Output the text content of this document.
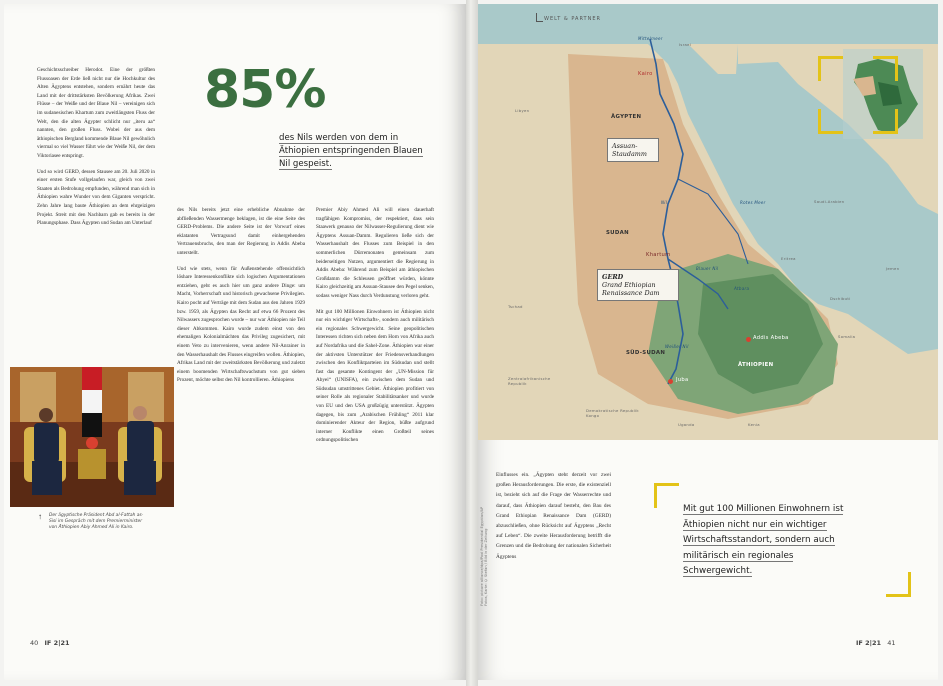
Geschichtsschreiber Herodot. Eine der größten Flussoasen der Erde ließ nicht nur die Hochkultur des Alten Ägyptens entstehen, sondern ernährt heute das Land mit der drittstärksten Bevölkerung Afrikas. Zwei Flüsse – der Weiße und der Blaue Nil – vereinigen sich im sudanesischen Khartum zum zweitlängsten Fluss der Welt, den die alten Ägypter schlicht nur „iteru aa“ nannten, den großen Fluss. Wobei der aus dem äthiopischen Bergland kommende Blaue Nil gewöhnlich viermal so viel Wasser führt wie der Weiße Nil, der dem Viktoriasee entspringt.

Und so wird GERD, dessen Stausee am 20. Juli 2020 in einer ersten Stufe vollgelaufen war, gleich von zwei Staaten als Bedrohung empfunden, während man sich in Äthiopien wahre Wunder von dem Giganten verspricht. Zehn Jahre lang baute Äthiopien an dem ehrgeizigen Projekt. Streit mit den Nachbarn gab es bereits in der Planungsphase. Dass Ägypten und Sudan am Unterlauf

85%
des Nils werden von dem in Äthiopien entspringenden Blauen Nil gespeist.

des Nils bereits jetzt eine erhebliche Abnahme der abfließenden Wassermenge beklagen, ist die eine Seite des GERD-Problems. Die andere Seite ist der Vorwurf eines eklatanten Vertragsund damit einhergehenden Vertrauensbruchs, den man der Regierung in Addis Abeba unterstellt.

Und wie stets, wenn für Außenstehende offensichtlich löshare Interessenkonflikte sich logischen Argumentationen entziehen, geht es auch hier um ganz andere Dinge: um Macht, Vorherrschaft und historisch gewachsene Privilegien. Kairo pocht auf Verträge mit dem Sudan aus den Jahren 1929 bzw. 1959, als Ägypten das Recht auf etwa 66 Prozent des Nilwassers zugesprochen wurde – nur war Äthiopien nie Teil dieser Abkommen. Kairo wurde zudem einst von den ehemaligen Kolonialmächten das Privileg zugesichert, mit einem Veto zu intervenieren, wenn andere Nil-Anrainer in den Wasserhaushalt des Flusses eingreifen wollen. Äthiopien, Afrikas Land mit der zweitstärksten Bevölkerung und zuletzt einem boomenden Wirtschaftswachstum von gut sieben Prozent, möchte selbst den Nil kontrollieren. Äthiopiens

Premier Abiy Ahmed Ali will einen dauerhaft tragfähigen Kompromiss, der respektiert, dass sein Staawerk genauso der Nilwasser-Regulierung dient wie Ägyptens Assuan-Damm. Regulieren ließe sich der Wasserhaushalt des Flusses zum Beispiel in den sommerlichen Dürremonaten gemeinsam zum beiderseitigen Nutzen, argumentiert die Regierung in Addis Abeba: Während zum Beispiel am äthiopischen Großdamm die Schleusen geöffnet würden, könnte Kairo gleichzeitig am Assuan-Stausee den Pegel senken, sodass weniger Nass durch Verdunstung verloren geht.

Mit gut 100 Millionen Einwohnern ist Äthiopien nicht nur ein wichtiger Wirtschafts-, sondern auch militärisch ein regionales Schwergewicht. Seine geopolitischen Interessen richten sich neben dem Horn von Afrika auch auf Nordafrika und die Sahel-Zone. Äthiopien war einer der aktivsten Unterstützer der Friedensverhandlungen zwischen den Konfliktparteien im Südsudan und stellt fast das gesamte Kontingent der „UN-Mission für Abyei“ (UNISFA), ein zwischen dem Sudan und Südsudan umstrittenes Gebiet. Äthiopien profitiert von seiner Rolle als regionaler Stabilitätsanker und wurde von EU und den USA großzügig unterstützt. Ägypten dagegen, bis zum „Arabischen Frühling“ 2011 klar dominierender Akteur der Region, büßte aufgrund interner Konflikte einen Großteil seines ordnungspolitischen

↑ Der ägyptische Präsident Abd al-Fattah as-Sisi im Gespräch mit dem Premierminister von Äthiopien Abiy Ahmed Ali in Kairo.
40 IF 2|21
WELT & PARTNER
Mittelmeer
Israel
Kairo
Libyen
ÄGYPTEN
Assuan-Staudamm
Nil	Rotes Meer	Saudi-Arabien
Jemen
Eritrea
SUDAN
Tschad
Khartum
GERD
Grand Ethiopian Renaissance Dam
Blauer Nil
Atbara
Addis Abeba
ÄTHIOPIEN
SÜD-SUDAN
Weißer Nil
Juba
Somalia
Dschibuti
Zentralafrikanische Republik
Demokratische Republik Kongo
Uganda	Kenia
Foto: picture alliance/dpa/Pool Presidential Egyptian/AP Fotos, Karte: © Stefan / Bild in der Zeitung

Einflusses ein. „Ägypten steht derzeit vor zwei großen Herausforderungen. Die erste, die existenziell ist, bezieht sich auf die Frage der Wasserrechte und darauf, dass Äthiopien darauf besteht, den Bau des Grand Ethiopian Renaissance Dam (GERD) abzuschließen, ohne Rücksicht auf Ägyptens „Recht auf Leben“. Die zweite Herausforderung betrifft die Grenzen und die Bedrohung der nationalen Sicherheit Ägyptens

Mit gut 100 Millionen Einwohnern ist Äthiopien nicht nur ein wichtiger Wirtschaftsstandort, sondern auch militärisch ein regionales Schwergewicht.
IF 2|21 41
